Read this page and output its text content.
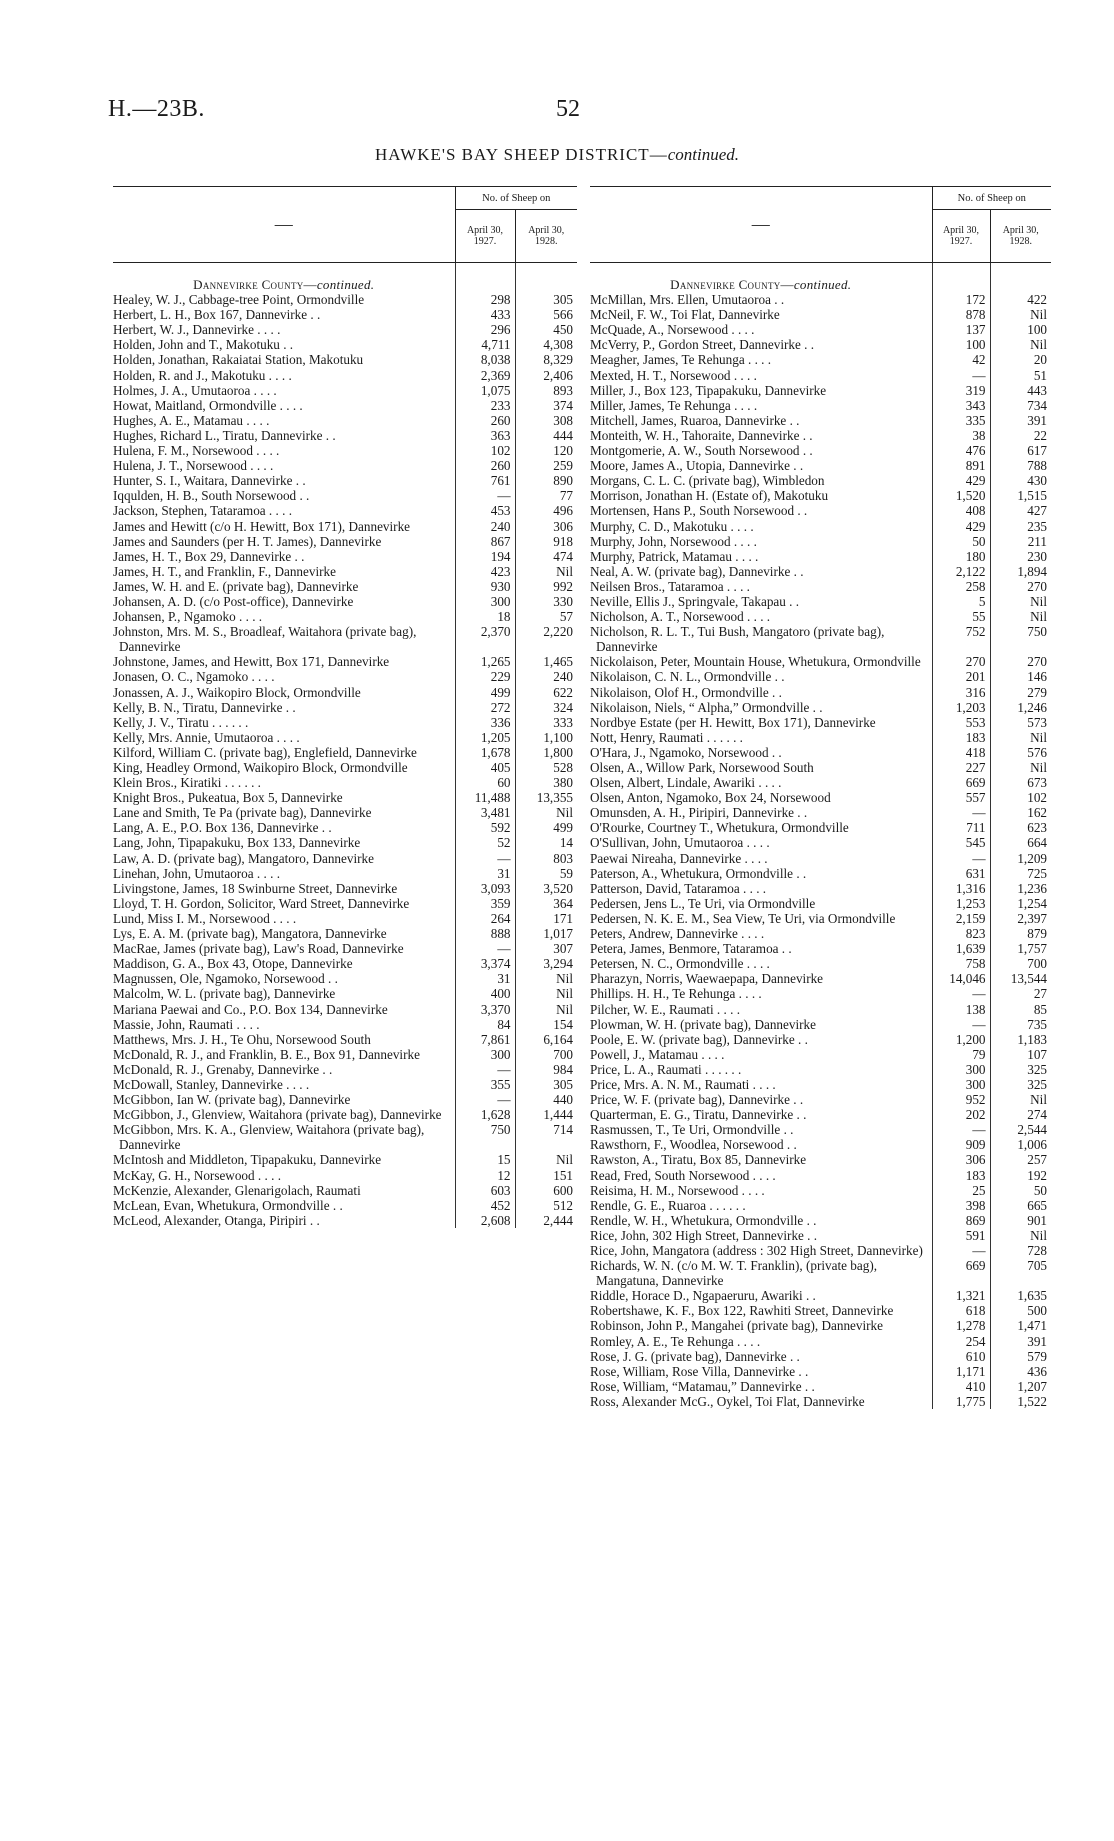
H.—23B.	52
HAWKE'S BAY SHEEP DISTRICT—continued.
—	No. of Sheep on	
	April 30,
1927.	April 30,
1928.
Dannevirke County—continued.		
Healey, W. J., Cabbage-tree Point, Ormondville	298	305
Herbert, L. H., Box 167, Dannevirke . .	433	566
Herbert, W. J., Dannevirke . . . .	296	450
Holden, John and T., Makotuku . .	4,711	4,308
Holden, Jonathan, Rakaiatai Station, Makotuku	8,038	8,329
Holden, R. and J., Makotuku . . . .	2,369	2,406
Holmes, J. A., Umutaoroa . . . .	1,075	893
Howat, Maitland, Ormondville . . . .	233	374
Hughes, A. E., Matamau . . . .	260	308
Hughes, Richard L., Tiratu, Dannevirke . .	363	444
Hulena, F. M., Norsewood . . . .	102	120
Hulena, J. T., Norsewood . . . .	260	259
Hunter, S. I., Waitara, Dannevirke . .	761	890
Iqqulden, H. B., South Norsewood . .	—	77
Jackson, Stephen, Tataramoa . . . .	453	496
James and Hewitt (c/o H. Hewitt, Box 171), Dannevirke	240	306
James and Saunders (per H. T. James), Dannevirke	867	918
James, H. T., Box 29, Dannevirke . .	194	474
James, H. T., and Franklin, F., Dannevirke	423	Nil
James, W. H. and E. (private bag), Dannevirke	930	992
Johansen, A. D. (c/o Post-office), Dannevirke	300	330
Johansen, P., Ngamoko . . . .	18	57
Johnston, Mrs. M. S., Broadleaf, Waitahora (private bag), Dannevirke	2,370	2,220
Johnstone, James, and Hewitt, Box 171, Dannevirke	1,265	1,465
Jonasen, O. C., Ngamoko . . . .	229	240
Jonassen, A. J., Waikopiro Block, Ormondville	499	622
Kelly, B. N., Tiratu, Dannevirke . .	272	324
Kelly, J. V., Tiratu . . . . . .	336	333
Kelly, Mrs. Annie, Umutaoroa . . . .	1,205	1,100
Kilford, William C. (private bag), Englefield, Dannevirke	1,678	1,800
King, Headley Ormond, Waikopiro Block, Ormondville	405	528
Klein Bros., Kiratiki . . . . . .	60	380
Knight Bros., Pukeatua, Box 5, Dannevirke	11,488	13,355
Lane and Smith, Te Pa (private bag), Dannevirke	3,481	Nil
Lang, A. E., P.O. Box 136, Dannevirke . .	592	499
Lang, John, Tipapakuku, Box 133, Dannevirke	52	14
Law, A. D. (private bag), Mangatoro, Dannevirke	—	803
Linehan, John, Umutaoroa . . . .	31	59
Livingstone, James, 18 Swinburne Street, Dannevirke	3,093	3,520
Lloyd, T. H. Gordon, Solicitor, Ward Street, Dannevirke	359	364
Lund, Miss I. M., Norsewood . . . .	264	171
Lys, E. A. M. (private bag), Mangatora, Dannevirke	888	1,017
MacRae, James (private bag), Law's Road, Dannevirke	—	307
Maddison, G. A., Box 43, Otope, Dannevirke	3,374	3,294
Magnussen, Ole, Ngamoko, Norsewood . .	31	Nil
Malcolm, W. L. (private bag), Dannevirke	400	Nil
Mariana Paewai and Co., P.O. Box 134, Dannevirke	3,370	Nil
Massie, John, Raumati . . . .	84	154
Matthews, Mrs. J. H., Te Ohu, Norsewood South	7,861	6,164
McDonald, R. J., and Franklin, B. E., Box 91, Dannevirke	300	700
McDonald, R. J., Grenaby, Dannevirke . .	—	984
McDowall, Stanley, Dannevirke . . . .	355	305
McGibbon, Ian W. (private bag), Dannevirke	—	440
McGibbon, J., Glenview, Waitahora (private bag), Dannevirke	1,628	1,444
McGibbon, Mrs. K. A., Glenview, Waitahora (private bag), Dannevirke	750	714
McIntosh and Middleton, Tipapakuku, Dannevirke	15	Nil
McKay, G. H., Norsewood . . . .	12	151
McKenzie, Alexander, Glenarigolach, Raumati	603	600
McLean, Evan, Whetukura, Ormondville . .	452	512
McLeod, Alexander, Otanga, Piripiri . .	2,608	2,444
—	No. of Sheep on	
	April 30,
1927.	April 30,
1928.
Dannevirke County—continued.		
McMillan, Mrs. Ellen, Umutaoroa . .	172	422
McNeil, F. W., Toi Flat, Dannevirke	878	Nil
McQuade, A., Norsewood . . . .	137	100
McVerry, P., Gordon Street, Dannevirke . .	100	Nil
Meagher, James, Te Rehunga . . . .	42	20
Mexted, H. T., Norsewood . . . .	—	51
Miller, J., Box 123, Tipapakuku, Dannevirke	319	443
Miller, James, Te Rehunga . . . .	343	734
Mitchell, James, Ruaroa, Dannevirke . .	335	391
Monteith, W. H., Tahoraite, Dannevirke . .	38	22
Montgomerie, A. W., South Norsewood . .	476	617
Moore, James A., Utopia, Dannevirke . .	891	788
Morgans, C. L. C. (private bag), Wimbledon	429	430
Morrison, Jonathan H. (Estate of), Makotuku	1,520	1,515
Mortensen, Hans P., South Norsewood . .	408	427
Murphy, C. D., Makotuku . . . .	429	235
Murphy, John, Norsewood . . . .	50	211
Murphy, Patrick, Matamau . . . .	180	230
Neal, A. W. (private bag), Dannevirke . .	2,122	1,894
Neilsen Bros., Tataramoa . . . .	258	270
Neville, Ellis J., Springvale, Takapau . .	5	Nil
Nicholson, A. T., Norsewood . . . .	55	Nil
Nicholson, R. L. T., Tui Bush, Mangatoro (private bag), Dannevirke	752	750
Nickolaison, Peter, Mountain House, Whetukura, Ormondville	270	270
Nikolaison, C. N. L., Ormondville . .	201	146
Nikolaison, Olof H., Ormondville . .	316	279
Nikolaison, Niels, “ Alpha,” Ormondville . .	1,203	1,246
Nordbye Estate (per H. Hewitt, Box 171), Dannevirke	553	573
Nott, Henry, Raumati . . . . . .	183	Nil
O'Hara, J., Ngamoko, Norsewood . .	418	576
Olsen, A., Willow Park, Norsewood South	227	Nil
Olsen, Albert, Lindale, Awariki . . . .	669	673
Olsen, Anton, Ngamoko, Box 24, Norsewood	557	102
Omunsden, A. H., Piripiri, Dannevirke . .	—	162
O'Rourke, Courtney T., Whetukura, Ormondville	711	623
O'Sullivan, John, Umutaoroa . . . .	545	664
Paewai Nireaha, Dannevirke . . . .	—	1,209
Paterson, A., Whetukura, Ormondville . .	631	725
Patterson, David, Tataramoa . . . .	1,316	1,236
Pedersen, Jens L., Te Uri, via Ormondville	1,253	1,254
Pedersen, N. K. E. M., Sea View, Te Uri, via Ormondville	2,159	2,397
Peters, Andrew, Dannevirke . . . .	823	879
Petera, James, Benmore, Tataramoa . .	1,639	1,757
Petersen, N. C., Ormondville . . . .	758	700
Pharazyn, Norris, Waewaepapa, Dannevirke	14,046	13,544
Phillips. H. H., Te Rehunga . . . .	—	27
Pilcher, W. E., Raumati . . . .	138	85
Plowman, W. H. (private bag), Dannevirke	—	735
Poole, E. W. (private bag), Dannevirke . .	1,200	1,183
Powell, J., Matamau . . . .	79	107
Price, L. A., Raumati . . . . . .	300	325
Price, Mrs. A. N. M., Raumati . . . .	300	325
Price, W. F. (private bag), Dannevirke . .	952	Nil
Quarterman, E. G., Tiratu, Dannevirke . .	202	274
Rasmussen, T., Te Uri, Ormondville . .	—	2,544
Rawsthorn, F., Woodlea, Norsewood . .	909	1,006
Rawston, A., Tiratu, Box 85, Dannevirke	306	257
Read, Fred, South Norsewood . . . .	183	192
Reisima, H. M., Norsewood . . . .	25	50
Rendle, G. E., Ruaroa . . . . . .	398	665
Rendle, W. H., Whetukura, Ormondville . .	869	901
Rice, John, 302 High Street, Dannevirke . .	591	Nil
Rice, John, Mangatora (address : 302 High Street, Dannevirke)	—	728
Richards, W. N. (c/o M. W. T. Franklin), (private bag), Mangatuna, Dannevirke	669	705
Riddle, Horace D., Ngapaeruru, Awariki . .	1,321	1,635
Robertshawe, K. F., Box 122, Rawhiti Street, Dannevirke	618	500
Robinson, John P., Mangahei (private bag), Dannevirke	1,278	1,471
Romley, A. E., Te Rehunga . . . .	254	391
Rose, J. G. (private bag), Dannevirke . .	610	579
Rose, William, Rose Villa, Dannevirke . .	1,171	436
Rose, William, “Matamau,” Dannevirke . .	410	1,207
Ross, Alexander McG., Oykel, Toi Flat, Dannevirke	1,775	1,522
